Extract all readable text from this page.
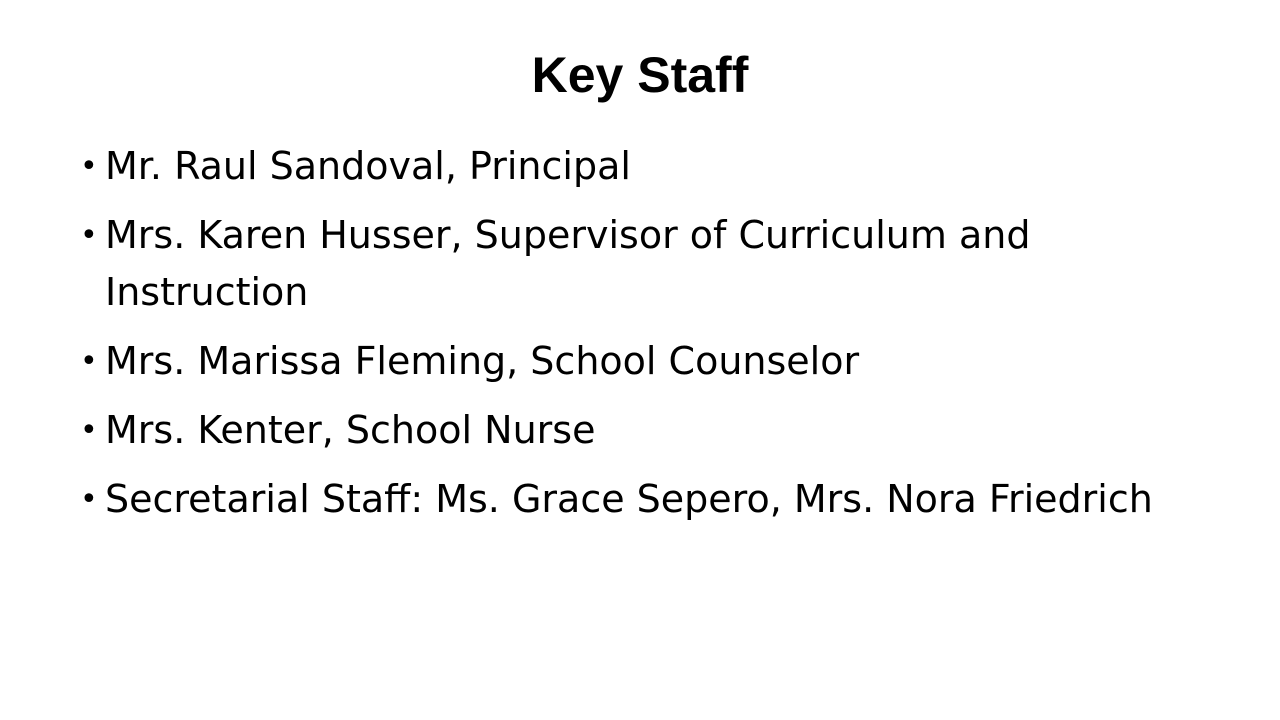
Key Staff
• Mr. Raul Sandoval, Principal
• Mrs. Karen Husser, Supervisor of Curriculum and Instruction
• Mrs. Marissa Fleming, School Counselor
• Mrs. Kenter, School Nurse
• Secretarial Staff: Ms. Grace Sepero, Mrs. Nora Friedrich
